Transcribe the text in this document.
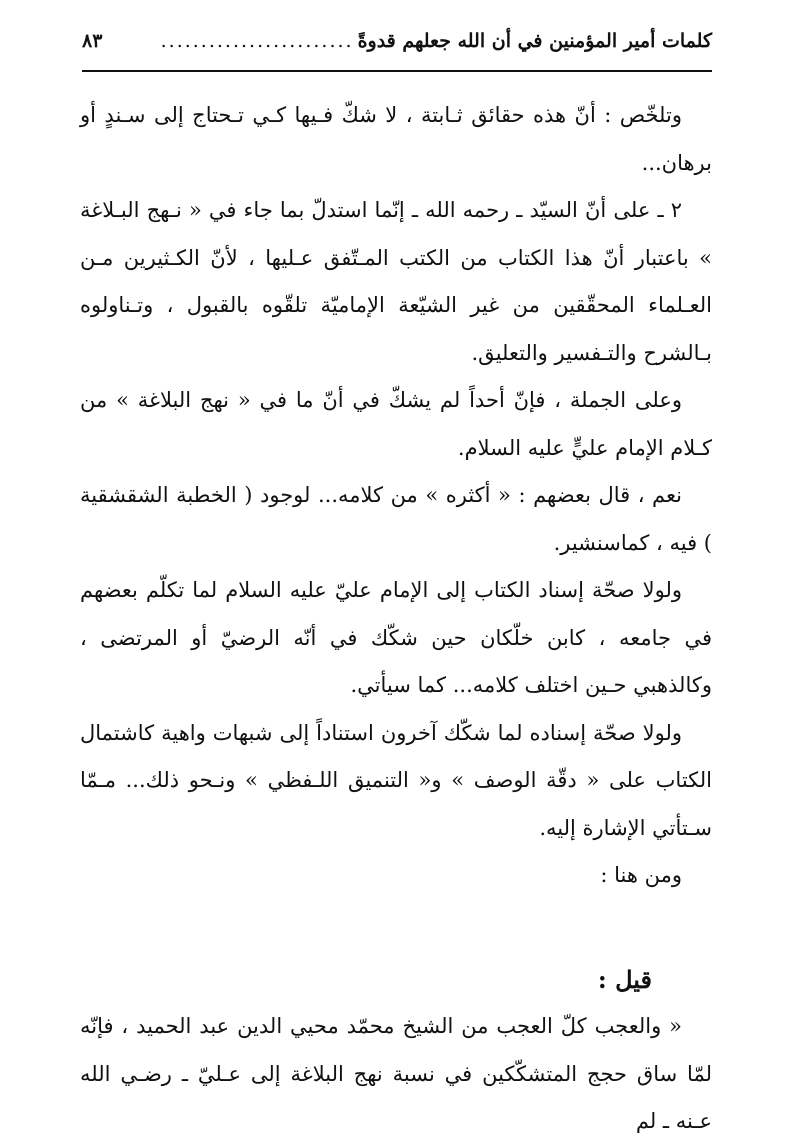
كلمات أمير المؤمنين في أن الله جعلهم قدوةً
........................
٨٣

وتلخّص : أنّ هذه حقائق ثـابتة ، لا شكّ فـيها كـي تـحتاج إلى سـندٍ أو برهان...

٢ ـ على أنّ السيّد ـ رحمه الله ـ إنّما استدلّ بما جاء في « نـهج البـلاغة » باعتبار أنّ هذا الكتاب من الكتب المـتّفق عـليها ، لأنّ الكـثيرين مـن العـلماء المحقّقين من غير الشيّعة الإماميّة تلقّوه بالقبول ، وتـناولوه بـالشرح والتـفسير والتعليق.

وعلى الجملة ، فإنّ أحداً لم يشكّ في أنّ ما في « نهج البلاغة » من كـلام الإمام عليٍّ عليه السلام.

نعم ، قال بعضهم : « أكثره » من كلامه... لوجود ( الخطبة الشقشقية ) فيه ، كماسنشير.

ولولا صحّة إسناد الكتاب إلى الإمام عليّ عليه السلام لما تكلّم بعضهم في جامعه ، كابن خلّكان حين شكّك في أنّه الرضيّ أو المرتضى ، وكالذهبي حـين اختلف كلامه... كما سيأتي.

ولولا صحّة إسناده لما شكّك آخرون استناداً إلى شبهات واهية كاشتمال الكتاب على « دقّة الوصف » و« التنميق اللـفظي » ونـحو ذلك... مـمّا سـتأتي الإشارة إليه.

ومن هنا :

قيل :

« والعجب كلّ العجب من الشيخ محمّد محيي الدين عبد الحميد ، فإنّه لمّا ساق حجج المتشكّكين في نسبة نهج البلاغة إلى عـليّ ـ رضـي الله عـنه ـ لم
